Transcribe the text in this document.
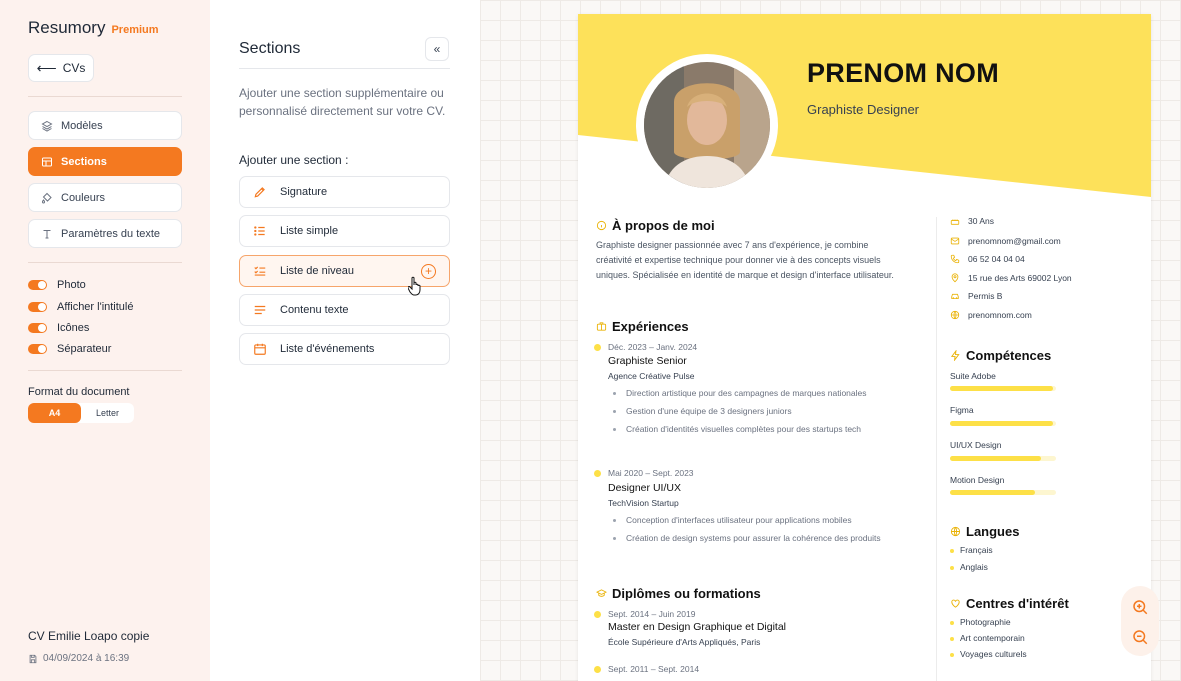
Resumory Premium
⟵ CVs
Modèles
Sections
Couleurs
Paramètres du texte
Photo
Afficher l'intitulé
Icônes
Séparateur
Format du document
A4	Letter
CV Emilie Loapo copie
04/09/2024 à 16:39
Sections	«
Ajouter une section supplémentaire ou personnalisé directement sur votre CV.
Ajouter une section :
Signature
Liste simple
Liste de niveau	+
Contenu texte
Liste d'événements
PRENOM NOM
Graphiste Designer
À propos de moi
Graphiste designer passionnée avec 7 ans d'expérience, je combine créativité et expertise technique pour donner vie à des concepts visuels uniques. Spécialisée en identité de marque et design d'interface utilisateur.
Expériences
Déc. 2023 – Janv. 2024
Graphiste Senior
Agence Créative Pulse
Direction artistique pour des campagnes de marques nationales
Gestion d'une équipe de 3 designers juniors
Création d'identités visuelles complètes pour des startups tech
Mai 2020 – Sept. 2023
Designer UI/UX
TechVision Startup
Conception d'interfaces utilisateur pour applications mobiles
Création de design systems pour assurer la cohérence des produits
Diplômes ou formations
Sept. 2014 – Juin 2019
Master en Design Graphique et Digital
École Supérieure d'Arts Appliqués, Paris
Sept. 2011 – Sept. 2014
30 Ans
prenomnom@gmail.com
06 52 04 04 04
15 rue des Arts 69002 Lyon
Permis B
prenomnom.com
Compétences
Suite Adobe
Figma
UI/UX Design
Motion Design
Langues
Français
Anglais
Centres d'intérêt
Photographie
Art contemporain
Voyages culturels
